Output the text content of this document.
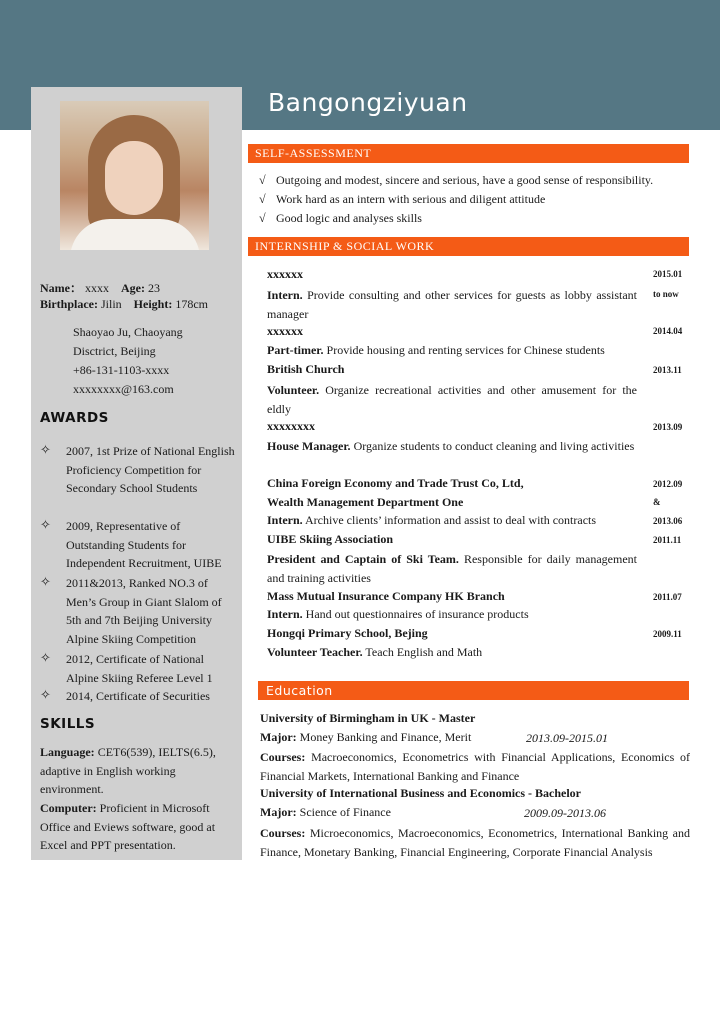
Bangongziyuan
Name： xxxx Age: 23
Birthplace: Jilin Height: 178cm
Shaoyao Ju, Chaoyang
Disctrict, Beijing
+86-131-1103-xxxx
xxxxxxxx@163.com
AWARDS
✧ 2007, 1st Prize of National English Proficiency Competition for Secondary School Students
✧ 2009, Representative of Outstanding Students for Independent Recruitment, UIBE
✧ 2011&2013, Ranked NO.3 of Men’s Group in Giant Slalom of 5th and 7th Beijing University Alpine Skiing Competition
✧ 2012, Certificate of National Alpine Skiing Referee Level 1
✧ 2014, Certificate of Securities
SKILLS
Language: CET6(539), IELTS(6.5), adaptive in English working environment.
Computer: Proficient in Microsoft Office and Eviews software, good at Excel and PPT presentation.
SELF-ASSESSMENT
√ Outgoing and modest, sincere and serious, have a good sense of responsibility.
√ Work hard as an intern with serious and diligent attitude
√ Good logic and analyses skills
INTERNSHIP & SOCIAL WORK
xxxxxx	2015.01
Intern. Provide consulting and other services for guests as lobby assistant manager
to now
xxxxxx	2014.04
Part-timer. Provide housing and renting services for Chinese students
British Church	2013.11
Volunteer. Organize recreational activities and other amusement for the eldly
xxxxxxxx	2013.09
House Manager. Organize students to conduct cleaning and living activities
China Foreign Economy and Trade Trust Co, Ltd,	2012.09
Wealth Management Department One	&
Intern. Archive clients’ information and assist to deal with contracts	2013.06
UIBE Skiing Association	2011.11
President and Captain of Ski Team. Responsible for daily management and training activities
Mass Mutual Insurance Company HK Branch	2011.07
Intern. Hand out questionnaires of insurance products
Hongqi Primary School, Bejing	2009.11
Volunteer Teacher. Teach English and Math
Education
University of Birmingham in UK - Master
Major: Money Banking and Finance, Merit	2013.09-2015.01
Courses: Macroeconomics, Econometrics with Financial Applications, Economics of Financial Markets, International Banking and Finance
University of International Business and Economics - Bachelor
Major: Science of Finance	2009.09-2013.06
Courses: Microeconomics, Macroeconomics, Econometrics, International Banking and Finance, Monetary Banking, Financial Engineering, Corporate Financial Analysis
